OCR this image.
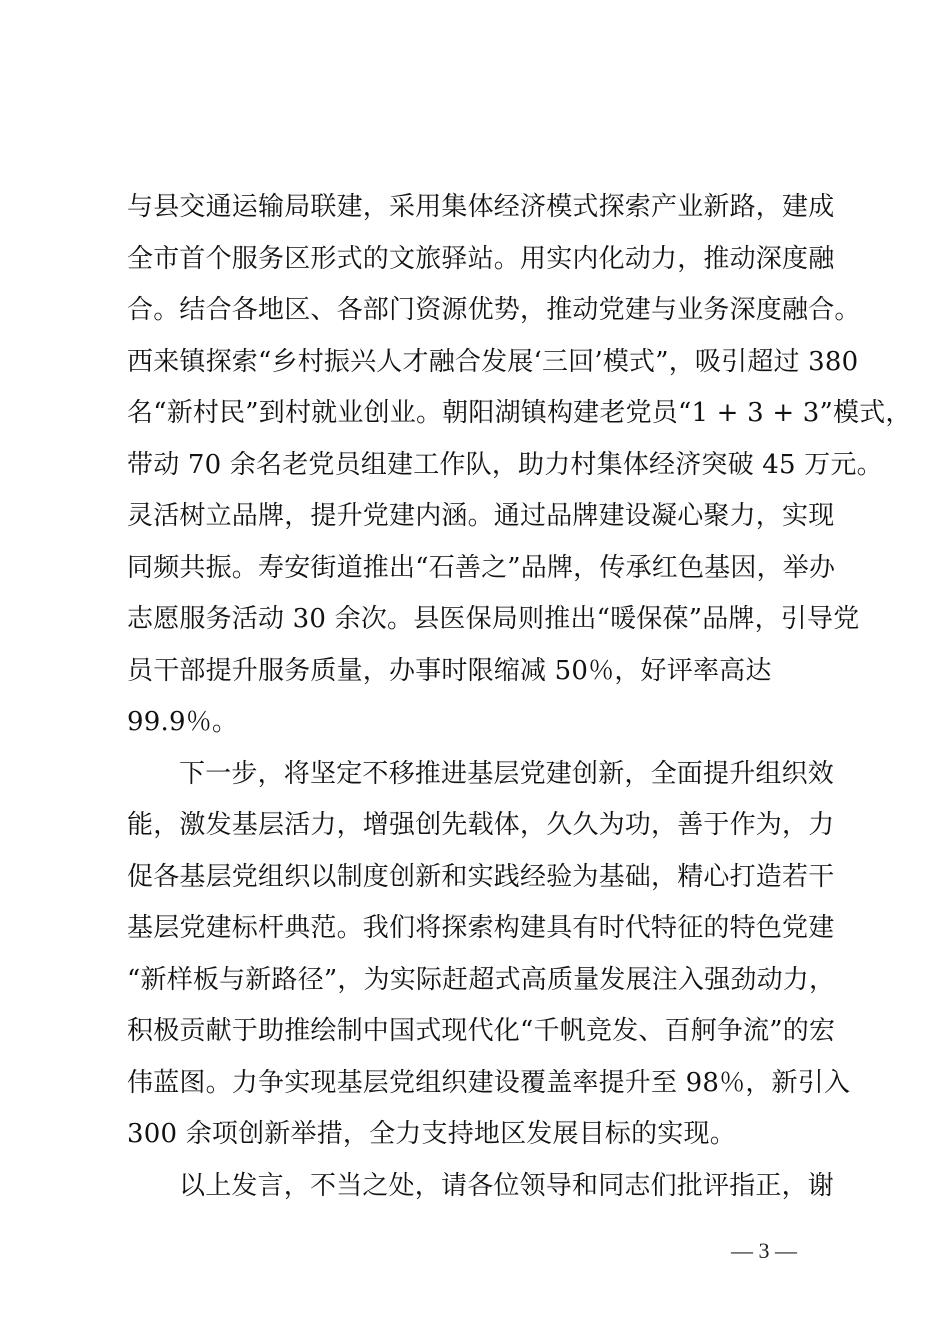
与县交通运输局联建，采用集体经济模式探索产业新路，建成
全市首个服务区形式的文旅驿站。用实内化动力，推动深度融
合。结合各地区、各部门资源优势，推动党建与业务深度融合。
西来镇探索“乡村振兴人才融合发展‘三回’模式”，吸引超过 380
名“新村民”到村就业创业。朝阳湖镇构建老党员“1 + 3 + 3”模式，
带动 70 余名老党员组建工作队，助力村集体经济突破 45 万元。
灵活树立品牌，提升党建内涵。通过品牌建设凝心聚力，实现
同频共振。寿安街道推出“石善之”品牌，传承红色基因，举办
志愿服务活动 30 余次。县医保局则推出“暖保葆”品牌，引导党
员干部提升服务质量，办事时限缩减 50％，好评率高达
99.9％。
下一步，将坚定不移推进基层党建创新，全面提升组织效
能，激发基层活力，增强创先载体，久久为功，善于作为，力
促各基层党组织以制度创新和实践经验为基础，精心打造若干
基层党建标杆典范。我们将探索构建具有时代特征的特色党建
“新样板与新路径”，为实际赶超式高质量发展注入强劲动力，
积极贡献于助推绘制中国式现代化“千帆竞发、百舸争流”的宏
伟蓝图。力争实现基层党组织建设覆盖率提升至 98％，新引入
300 余项创新举措，全力支持地区发展目标的实现。
以上发言，不当之处，请各位领导和同志们批评指正，谢
— 3 —
